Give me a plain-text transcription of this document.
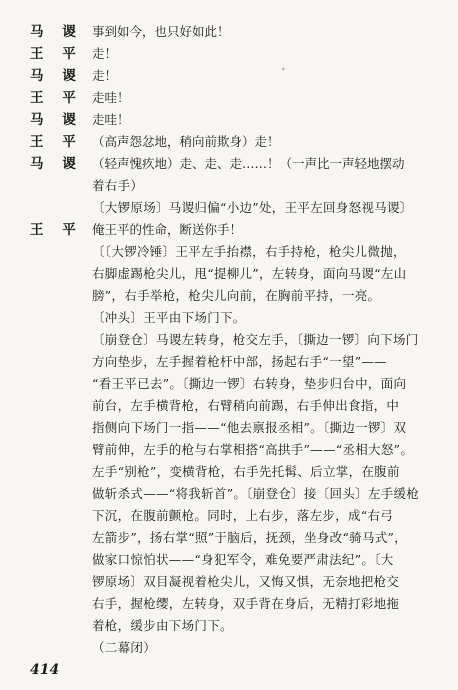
马 谡 事到如今，也只好如此！
王 平 走！
马 谡 走！
王 平 走哇！
马 谡 走哇！
王 平 （高声怨忿地，稍向前欺身）走！
马 谡 （轻声愧疚地）走、走、走……！（一声比一声轻地摆动
着右手）
〔大锣原场〕马谡归偏“小边”处，王平左回身怒视马谡〕
王 平 俺王平的性命，断送你手！
〔〔大锣冷锤〕王平左手抬襟，右手持枪，枪尖儿微抛，
右脚虚踢枪尖儿，甩“提柳儿”，左转身，面向马谡“左山
膀”，右手举枪，枪尖儿向前，在胸前平持，一亮。
〔冲头〕王平由下场门下。
〔崩登仓〕马谡左转身，枪交左手，〔撕边一锣〕向下场门
方向垫步，左手握着枪杆中部，扬起右手“一望”——
“看王平已去”。〔撕边一锣〕右转身，垫步归台中，面向
前台，左手横背枪，右臂稍向前踢，右手伸出食指，中
指侧向下场门一指——“他去禀报丞相”。〔撕边一锣〕双
臂前伸，左手的枪与右掌相搭“高拱手”——“丞相大怒”。
左手“别枪”，变横背枪，右手先托髯、后立掌，在腹前
做斩杀式——“将我斩首”。〔崩登仓〕接〔回头〕左手缓枪
下沉，在腹前颤枪。同时，上右步，落左步，成“右弓
左箭步”，扬右掌“照”于脑后，抚颈，坐身改“骑马式”，
做家口惊怕状——“身犯军令，难免要严肃法纪”。〔大
锣原场〕双目凝视着枪尖儿，又悔又惧，无奈地把枪交
右手，握枪缨，左转身，双手背在身后，无精打彩地拖
着枪，缓步由下场门下。
（二幕闭）
414
⸗
